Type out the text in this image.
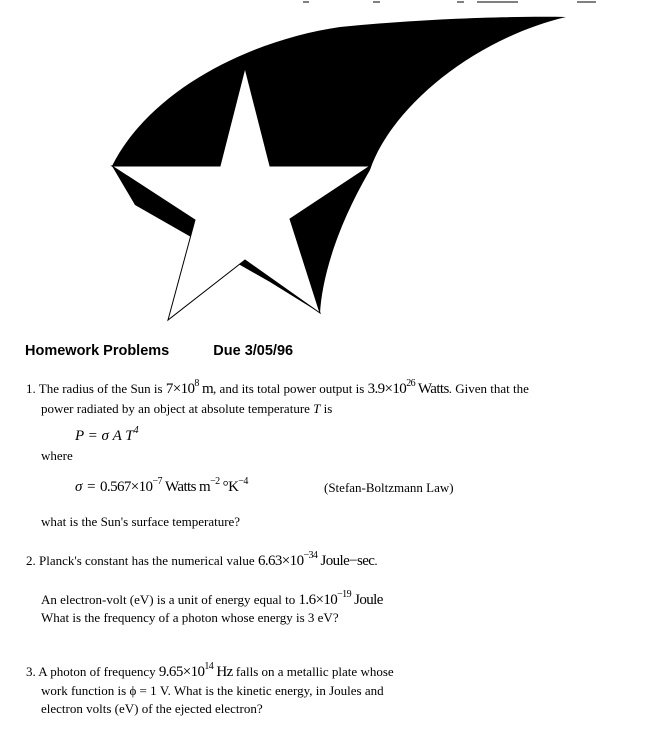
Homework Problems	Due 3/05/96
1. The radius of the Sun is $7\times 10^8$ m, and its total power output is $3.9\times 10^{26}$ Watts. Given that the
power radiated by an object at absolute temperature T is
P = σ A $T^4$
where
$\sigma = 0.567\times 10^{-7}$ Watts $m^{-2}$ $^\circ K^{-4}$	(Stefan-Boltzmann Law)
what is the Sun's surface temperature?
2. Planck's constant has the numerical value $6.63\times 10^{-34}$ Joule−sec.
An electron-volt (eV) is a unit of energy equal to $1.6\times 10^{-19}$ Joule
What is the frequency of a photon whose energy is 3 eV?
3. A photon of frequency $9.65\times 10^{14}$ Hz falls on a metallic plate whose
work function is ϕ = 1 V. What is the kinetic energy, in Joules and
electron volts (eV) of the ejected electron?
